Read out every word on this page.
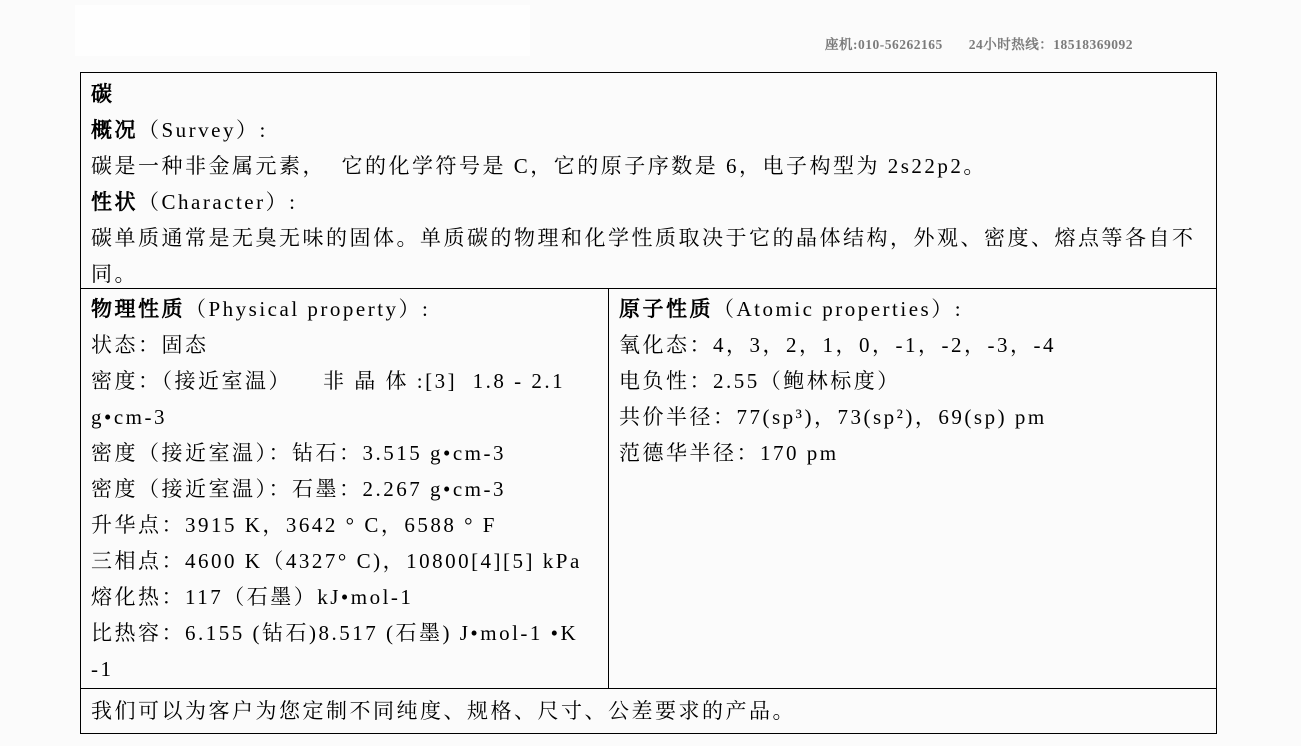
座机:010-56262165 24小时热线：18518369092
碳
概况（Survey）:
碳是一种非金属元素，  它的化学符号是 C，它的原子序数是 6，电子构型为 2s22p2。
性状（Character）:
碳单质通常是无臭无味的固体。单质碳的物理和化学性质取决于它的晶体结构，外观、密度、熔点等各自不同。
物理性质（Physical property）:
状态：固态
密度：（接近室温）    非 晶 体 :[3]  1.8 - 2.1
g•cm-3
密度（接近室温）：钻石：3.515 g•cm-3
密度（接近室温）：石墨：2.267 g•cm-3
升华点：3915 K，3642 ° C，6588 ° F
三相点：4600 K（4327° C)，10800[4][5] kPa
熔化热：117（石墨）kJ•mol-1
比热容：6.155 (钻石)8.517 (石墨) J•mol-1 •K
-1
原子性质（Atomic properties）:
氧化态：4，3，2，1，0，-1，-2，-3，-4
电负性：2.55（鲍林标度）
共价半径：77(sp³)，73(sp²)，69(sp) pm
范德华半径：170 pm
我们可以为客户为您定制不同纯度、规格、尺寸、公差要求的产品。
